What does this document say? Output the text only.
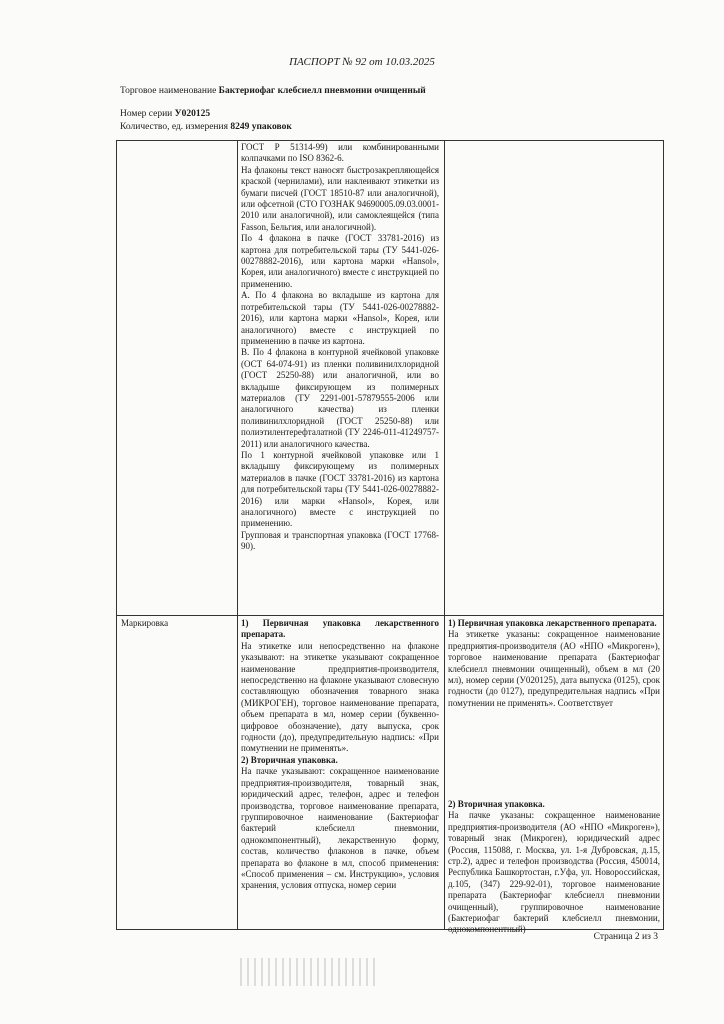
ПАСПОРТ № 92 от 10.03.2025
Торговое наименование Бактериофаг клебсиелл пневмонии очищенный
Номер серии У020125
Количество, ед. измерения 8249 упаковок
ГОСТ Р 51314-99) или комбинированными колпачками по ISO 8362-6.
На флаконы текст наносят быстрозакрепляющейся краской (чернилами), или наклеивают этикетки из бумаги писчей (ГОСТ 18510-87 или аналогичной), или офсетной (СТО ГОЗНАК 94690005.09.03.0001-2010 или аналогичной), или самоклеящейся (типа Fasson, Бельгия, или аналогичной).
По 4 флакона в пачке (ГОСТ 33781-2016) из картона для потребительской тары (ТУ 5441-026-00278882-2016), или картона марки «Hansol», Корея, или аналогичного) вместе с инструкцией по применению.
А. По 4 флакона во вкладыше из картона для потребительской тары (ТУ 5441-026-00278882-2016), или картона марки «Hansol», Корея, или аналогичного) вместе с инструкцией по применению в пачке из картона.
В. По 4 флакона в контурной ячейковой упаковке (ОСТ 64-074-91) из пленки поливинилхлоридной (ГОСТ 25250-88) или аналогичной, или во вкладыше фиксирующем из полимерных материалов (ТУ 2291-001-57879555-2006 или аналогичного качества) из пленки поливинилхлоридной (ГОСТ 25250-88) или полиэтилентерефталатной (ТУ 2246-011-41249757-2011) или аналогичного качества.
По 1 контурной ячейковой упаковке или 1 вкладышу фиксирующему из полимерных материалов в пачке (ГОСТ 33781-2016) из картона для потребительской тары (ТУ 5441-026-00278882-2016) или марки «Hansol», Корея, или аналогичного) вместе с инструкцией по применению.
Групповая и транспортная упаковка (ГОСТ 17768-90).
Маркировка	1) Первичная упаковка лекарственного препарата.
На этикетке или непосредственно на флаконе указывают: на этикетке указывают сокращенное наименование предприятия-производителя, непосредственно на флаконе указывают словесную составляющую обозначения товарного знака (МИКРОГЕН), торговое наименование препарата, объем препарата в мл, номер серии (буквенно-цифровое обозначение), дату выпуска, срок годности (до), предупредительную надпись: «При помутнении не применять».
2) Вторичная упаковка.
На пачке указывают: сокращенное наименование предприятия-производителя, товарный знак, юридический адрес, телефон, адрес и телефон производства, торговое наименование препарата, группировочное наименование (Бактериофаг бактерий клебсиелл пневмонии, однокомпонентный), лекарственную форму, состав, количество флаконов в пачке, объем препарата во флаконе в мл, способ применения: «Способ применения – см. Инструкцию», условия хранения, условия отпуска, номер серии
1) Первичная упаковка лекарственного препарата.
На этикетке указаны: сокращенное наименование предприятия-производителя (АО «НПО «Микроген»), торговое наименование препарата (Бактериофаг клебсиелл пневмонии очищенный), объем в мл (20 мл), номер серии (У020125), дата выпуска (0125), срок годности (до 0127), предупредительная надпись «При помутнении не применять». Соответствует
2) Вторичная упаковка.
На пачке указаны: сокращенное наименование предприятия-производителя (АО «НПО «Микроген»), товарный знак (Микроген), юридический адрес (Россия, 115088, г. Москва, ул. 1-я Дубровская, д.15, стр.2), адрес и телефон производства (Россия, 450014, Республика Башкортостан, г.Уфа, ул. Новороссийская, д.105, (347) 229-92-01), торговое наименование препарата (Бактериофаг клебсиелл пневмонии очищенный), группировочное наименование (Бактериофаг бактерий клебсиелл пневмонии, однокомпонентный)
Страница 2 из 3
